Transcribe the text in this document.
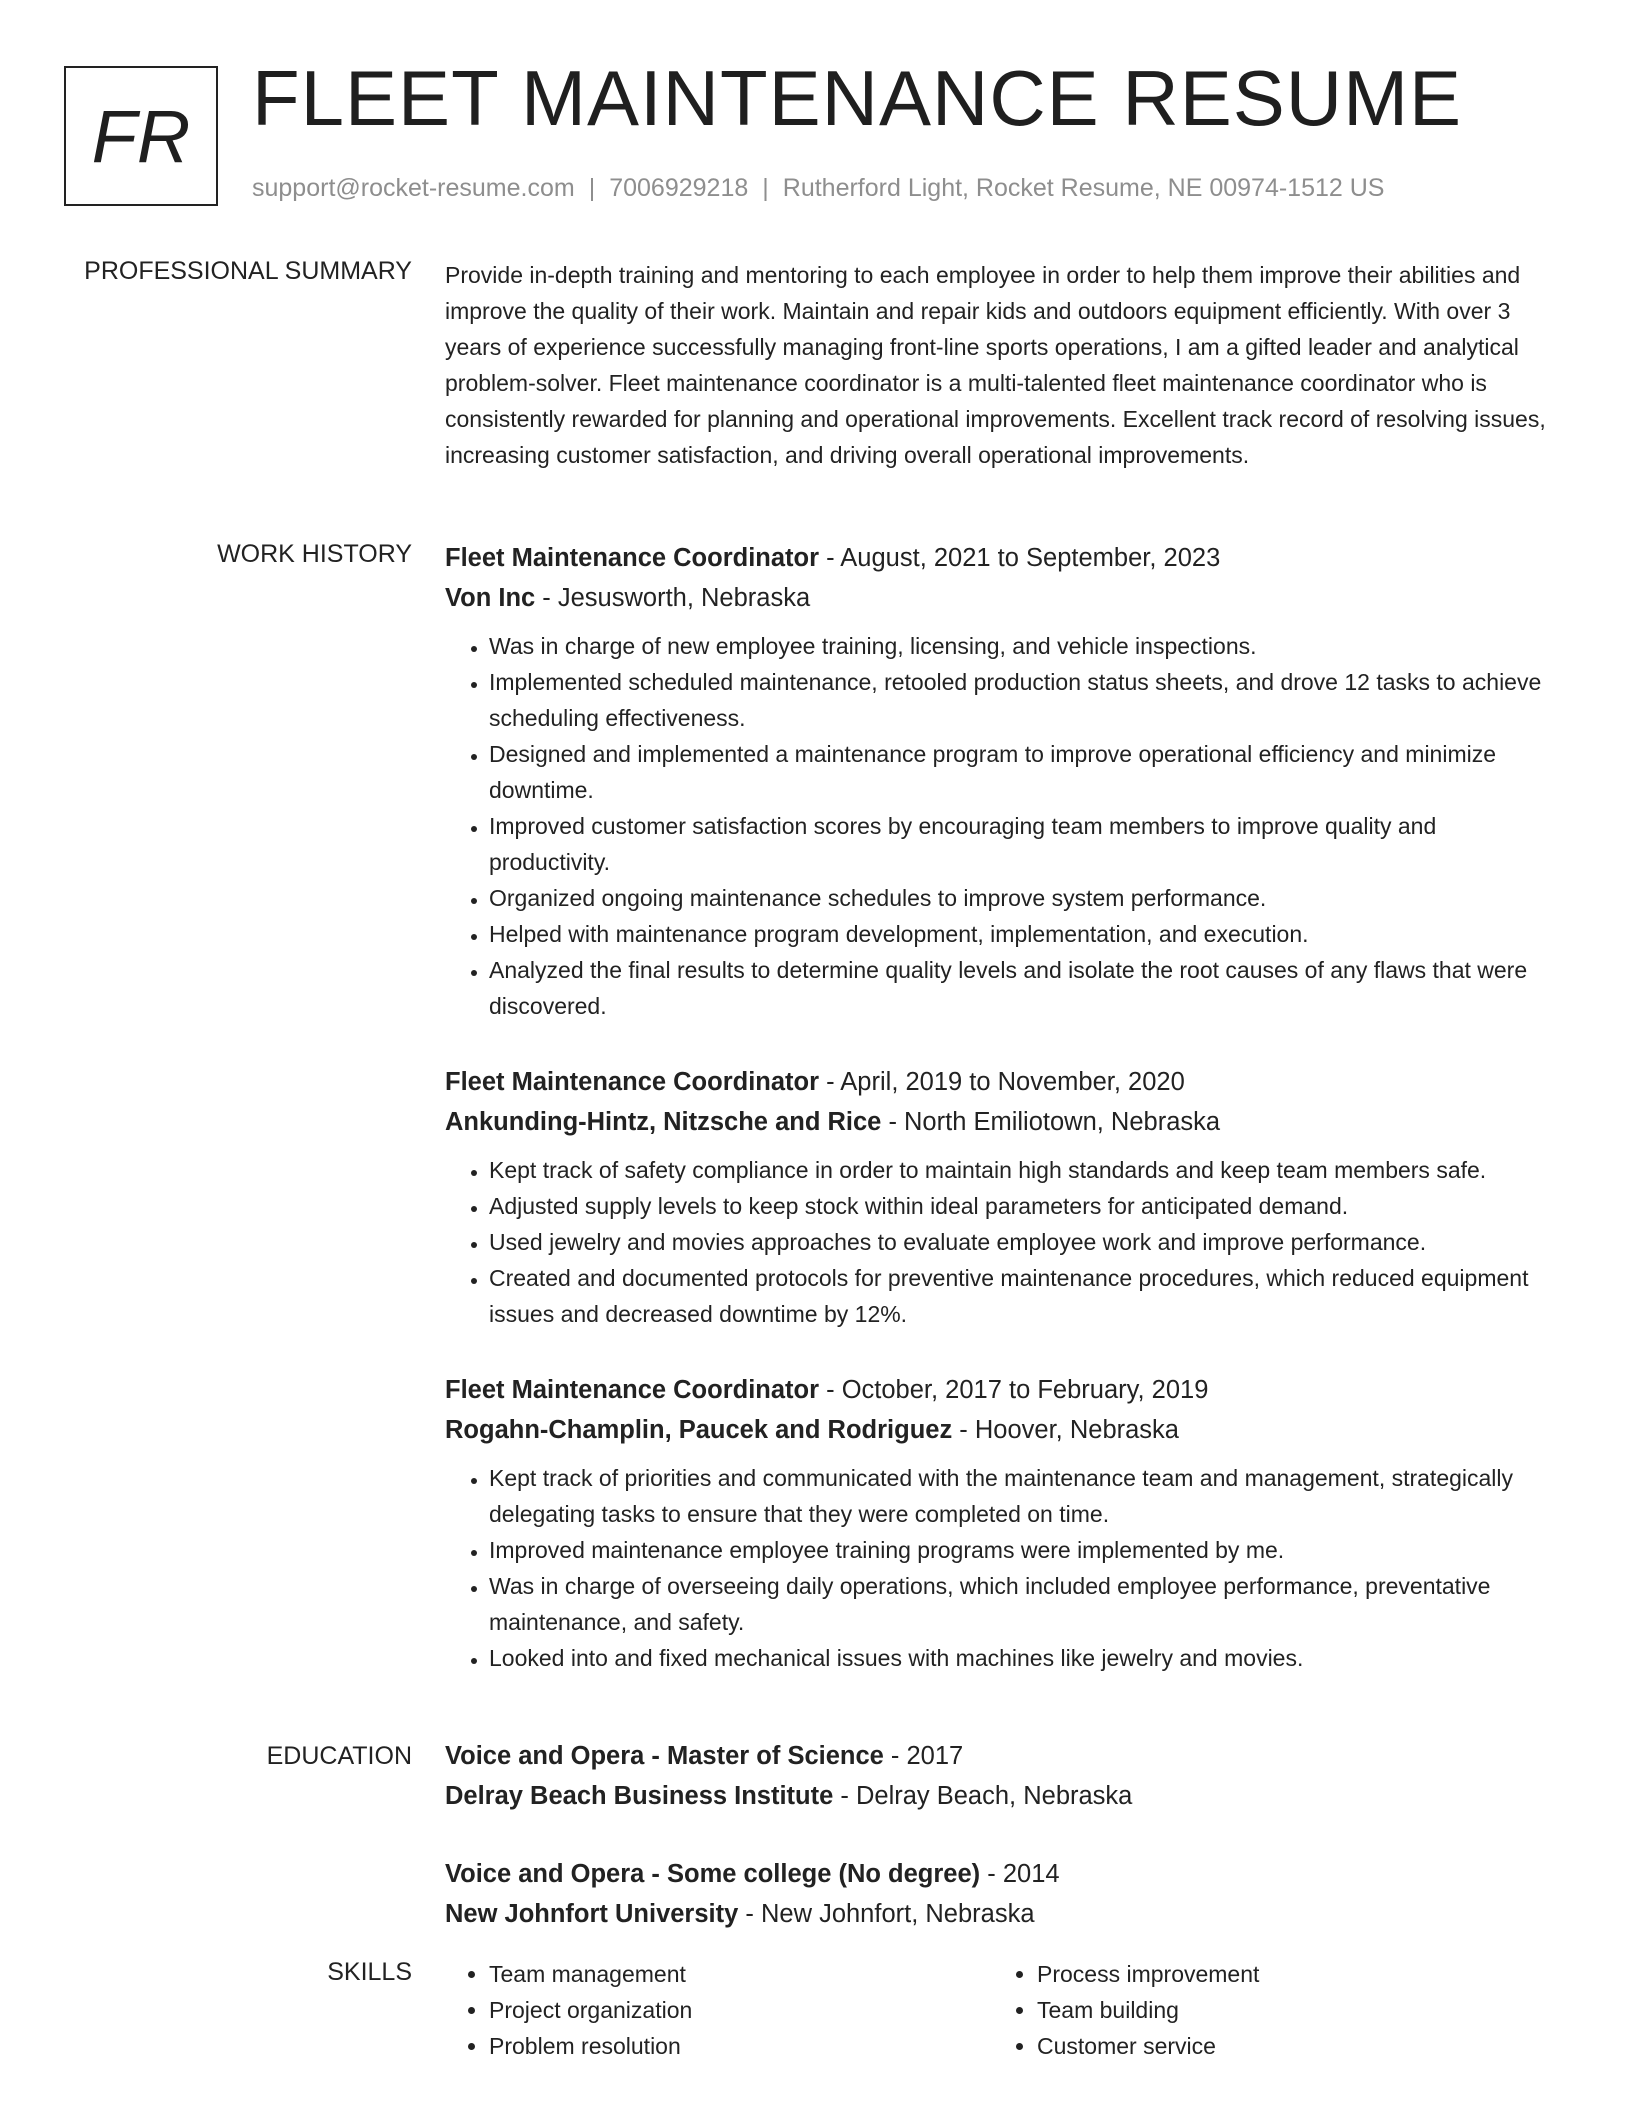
FR FLEET MAINTENANCE RESUME
support@rocket-resume.com | 7006929218 | Rutherford Light, Rocket Resume, NE 00974-1512 US
PROFESSIONAL SUMMARY Provide in-depth training and mentoring to each employee in order to help them improve their abilities and improve the quality of their work. Maintain and repair kids and outdoors equipment efficiently. With over 3 years of experience successfully managing front-line sports operations, I am a gifted leader and analytical problem-solver. Fleet maintenance coordinator is a multi-talented fleet maintenance coordinator who is consistently rewarded for planning and operational improvements. Excellent track record of resolving issues, increasing customer satisfaction, and driving overall operational improvements.
WORK HISTORY Fleet Maintenance Coordinator - August, 2021 to September, 2023
Von Inc - Jesusworth, Nebraska
• Was in charge of new employee training, licensing, and vehicle inspections.
• Implemented scheduled maintenance, retooled production status sheets, and drove 12 tasks to achieve scheduling effectiveness.
• Designed and implemented a maintenance program to improve operational efficiency and minimize downtime.
• Improved customer satisfaction scores by encouraging team members to improve quality and productivity.
• Organized ongoing maintenance schedules to improve system performance.
• Helped with maintenance program development, implementation, and execution.
• Analyzed the final results to determine quality levels and isolate the root causes of any flaws that were discovered.
Fleet Maintenance Coordinator - April, 2019 to November, 2020
Ankunding-Hintz, Nitzsche and Rice - North Emiliotown, Nebraska
• Kept track of safety compliance in order to maintain high standards and keep team members safe.
• Adjusted supply levels to keep stock within ideal parameters for anticipated demand.
• Used jewelry and movies approaches to evaluate employee work and improve performance.
• Created and documented protocols for preventive maintenance procedures, which reduced equipment issues and decreased downtime by 12%.
Fleet Maintenance Coordinator - October, 2017 to February, 2019
Rogahn-Champlin, Paucek and Rodriguez - Hoover, Nebraska
• Kept track of priorities and communicated with the maintenance team and management, strategically delegating tasks to ensure that they were completed on time.
• Improved maintenance employee training programs were implemented by me.
• Was in charge of overseeing daily operations, which included employee performance, preventative maintenance, and safety.
• Looked into and fixed mechanical issues with machines like jewelry and movies.
EDUCATION Voice and Opera - Master of Science - 2017
Delray Beach Business Institute - Delray Beach, Nebraska
Voice and Opera - Some college (No degree) - 2014
New Johnfort University - New Johnfort, Nebraska
SKILLS
•	Team management
• Project organization
• Problem resolution
• Process improvement
• Team building
• Customer service
